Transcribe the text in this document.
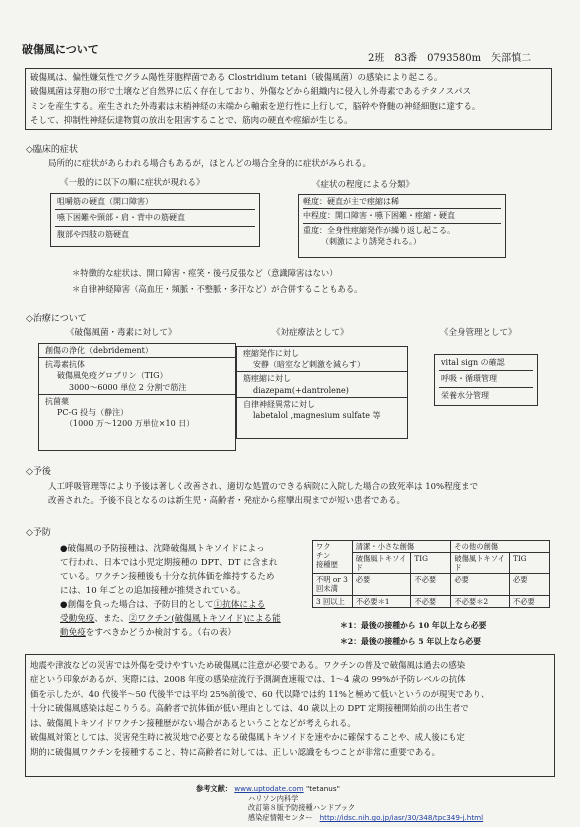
破傷風について
2班　83番　0793580m　矢部慎二
破傷風は、偏性嫌気性でグラム陽性芽胞桿菌である Clostridium tetani（破傷風菌）の感染により起こる。
破傷風菌は芽胞の形で土壌など自然界に広く存在しており、外傷などから組織内に侵入し外毒素であるテタノスパス
ミンを産生する。産生された外毒素は末梢神経の末端から軸索を逆行性に上行して，脳幹や脊髄の神経細胞に達する。
そして、抑制性神経伝達物質の放出を阻害することで、筋肉の硬直や痙縮が生じる。
◇臨床的症状
局所的に症状があらわれる場合もあるが，ほとんどの場合全身的に症状がみられる。
《一般的に以下の順に症状が現れる》
咀嚼筋の硬直（開口障害）
嚥下困難や頸部・肩・背中の筋硬直
腹部や四肢の筋硬直
《症状の程度による分類》
軽度：硬直が主で痙縮は稀
中程度：開口障害・嚥下困難・痙縮・硬直
重度：全身性痙縮発作が繰り返し起こる。
（刺激により誘発される。）
＊特徴的な症状は、開口障害・痙笑・後弓反張など（意識障害はない）
＊自律神経障害（高血圧・頻脈・不整脈・多汗など）が合併することもある。
◇治療について
《破傷風菌・毒素に対して》
創傷の浄化（debridement）
抗毒素抗体
破傷風免疫グロブリン（TIG）
3000～6000 単位 2 分割で筋注
抗菌薬
PC-G 投与（静注）
（1000 万～1200 万単位×10 日）
《対症療法として》
痙縮発作に対し
安静（暗室など刺激を減らす）
筋痙縮に対し
diazepam(+dantrolene)
自律神経異常に対し
labetalol ,magnesium sulfate 等
《全身管理として》
vital sign の確認
呼吸・循環管理
栄養水分管理
◇予後
人工呼吸管理等により予後は著しく改善され、適切な処置のできる病院に入院した場合の致死率は 10%程度まで
改善された。予後不良となるのは新生児・高齢者・発症から痙攣出現までが短い患者である。
◇予防
●破傷風の予防接種は、沈降破傷風トキソイドによっ
て行われ、日本では小児定期接種の DPT、DT に含まれ
ている。ワクチン接種後も十分な抗体価を維持するため
には、10 年ごとの追加接種が推奨されている。
●創傷を負った場合は、予防目的として①抗体による
受動免疫、また、②ワクチン(破傷風トキソイド)による能
動免疫をすべきかどうか検討する。（右の表）
ワク
チン
接種歴	清潔・小さな創傷		その他の創傷	
	破傷風トキソイド	TIG	破傷風トキソイド	TIG
不明 or 3 回未満	必要	不必要	必要	必要
3 回以上	不必要＊1	不必要	不必要＊2	不必要
＊1：最後の接種から 10 年以上なら必要
＊2：最後の接種から 5 年以上なら必要
地震や津波などの災害では外傷を受けやすいため破傷風に注意が必要である。ワクチンの普及で破傷風は過去の感染
症という印象があるが、実際には、2008 年度の感染症流行予測調査速報では、1～4 歳の 99%が予防レベルの抗体
価を示したが、40 代後半～50 代後半では平均 25%前後で、60 代以降では約 11%と極めて低いというのが現実であり、
十分に破傷風感染は起こりうる。高齢者で抗体価が低い理由としては、40 歳以上の DPT 定期接種開始前の出生者で
は、破傷風トキソイドワクチン接種歴がない場合があるということなどが考えられる。
破傷風対策としては、災害発生時に被災地で必要となる破傷風トキソイドを速やかに確保することや、成人後にも定
期的に破傷風ワクチンを接種すること、特に高齢者に対しては、正しい認識をもつことが非常に重要である。
参考文献： www.uptodate.com "tetanus"
ハリソン内科学
改訂第８版予防接種ハンドブック
感染症情報センター　http://idsc.nih.go.jp/iasr/30/348/tpc349-j.html
